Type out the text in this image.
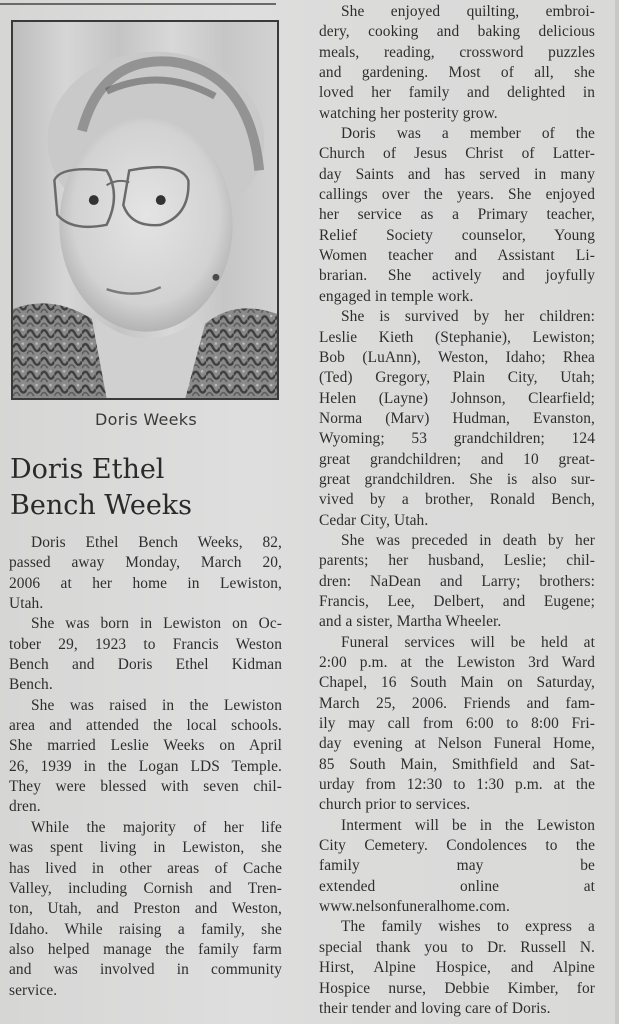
Doris Weeks
Doris Ethel
Bench Weeks

Doris Ethel Bench Weeks, 82,
passed away Monday, March 20,
2006 at her home in Lewiston,
Utah.

She was born in Lewiston on Oc-
tober 29, 1923 to Francis Weston
Bench and Doris Ethel Kidman
Bench.

She was raised in the Lewiston
area and attended the local schools.
She married Leslie Weeks on April
26, 1939 in the Logan LDS Temple.
They were blessed with seven chil-
dren.

While the majority of her life
was spent living in Lewiston, she
has lived in other areas of Cache
Valley, including Cornish and Tren-
ton, Utah, and Preston and Weston,
Idaho. While raising a family, she
also helped manage the family farm
and was involved in community
service.

She enjoyed quilting, embroi-
dery, cooking and baking delicious
meals, reading, crossword puzzles
and gardening. Most of all, she
loved her family and delighted in
watching her posterity grow.

Doris was a member of the
Church of Jesus Christ of Latter-
day Saints and has served in many
callings over the years. She enjoyed
her service as a Primary teacher,
Relief Society counselor, Young
Women teacher and Assistant Li-
brarian. She actively and joyfully
engaged in temple work.

She is survived by her children:
Leslie Kieth (Stephanie), Lewiston;
Bob (LuAnn), Weston, Idaho; Rhea
(Ted) Gregory, Plain City, Utah;
Helen (Layne) Johnson, Clearfield;
Norma (Marv) Hudman, Evanston,
Wyoming; 53 grandchildren; 124
great grandchildren; and 10 great-
great grandchildren. She is also sur-
vived by a brother, Ronald Bench,
Cedar City, Utah.

She was preceded in death by her
parents; her husband, Leslie; chil-
dren: NaDean and Larry; brothers:
Francis, Lee, Delbert, and Eugene;
and a sister, Martha Wheeler.

Funeral services will be held at
2:00 p.m. at the Lewiston 3rd Ward
Chapel, 16 South Main on Saturday,
March 25, 2006. Friends and fam-
ily may call from 6:00 to 8:00 Fri-
day evening at Nelson Funeral Home,
85 South Main, Smithfield and Sat-
urday from 12:30 to 1:30 p.m. at the
church prior to services.

Interment will be in the Lewiston
City Cemetery. Condolences to the
family may be
extended online at
www.nelsonfuneralhome.com.

The family wishes to express a
special thank you to Dr. Russell N.
Hirst, Alpine Hospice, and Alpine
Hospice nurse, Debbie Kimber, for
their tender and loving care of Doris.
